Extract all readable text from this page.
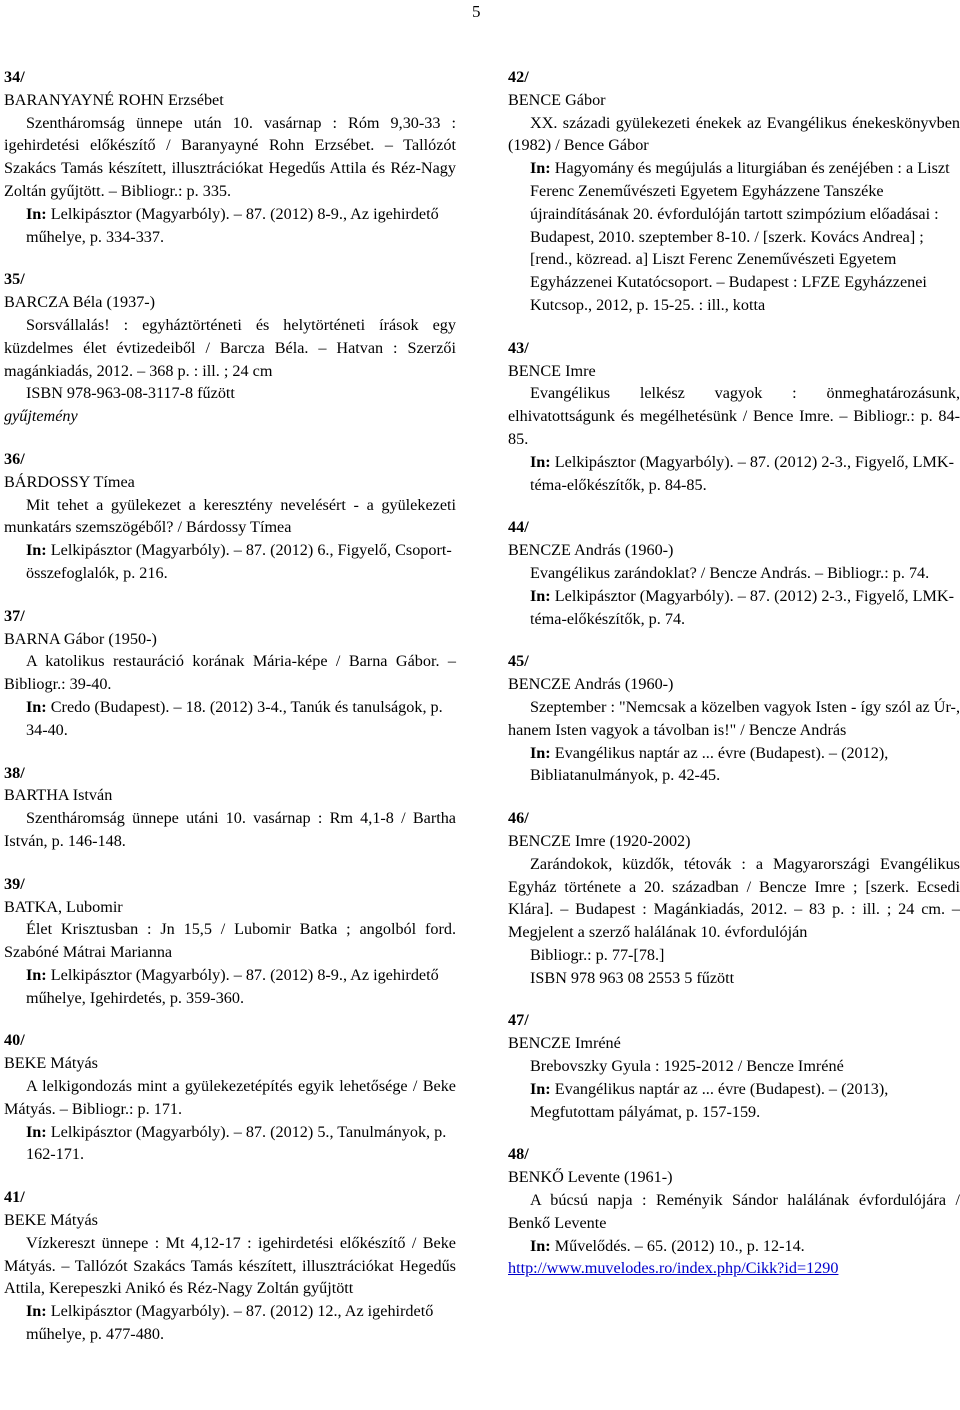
5
34/
BARANYAYNÉ ROHN Erzsébet
Szentháromság ünnepe után 10. vasárnap : Róm 9,30-33 : igehirdetési előkészítő / Baranyayné Rohn Erzsébet. – Tallózót Szakács Tamás készített, illusztrációkat Hegedűs Attila és Réz-Nagy Zoltán gyűjtött. – Bibliogr.: p. 335.
In: Lelkipásztor (Magyarbóly). – 87. (2012) 8-9., Az igehirdető műhelye, p. 334-337.
35/
BARCZA Béla (1937-)
Sorsvállalás! : egyháztörténeti és helytörténeti írások egy küzdelmes élet évtizedeiből / Barcza Béla. – Hatvan : Szerzői magánkiadás, 2012. – 368 p. : ill. ; 24 cm
ISBN 978-963-08-3117-8 fűzött
gyűjtemény
36/
BÁRDOSSY Tímea
Mit tehet a gyülekezet a keresztény nevelésért - a gyülekezeti munkatárs szemszögéből? / Bárdossy Tímea
In: Lelkipásztor (Magyarbóly). – 87. (2012) 6., Figyelő, Csoport-összefoglalók, p. 216.
37/
BARNA Gábor (1950-)
A katolikus restauráció korának Mária-képe / Barna Gábor. – Bibliogr.: 39-40.
In: Credo (Budapest). – 18. (2012) 3-4., Tanúk és tanulságok, p. 34-40.
38/
BARTHA István
Szentháromság ünnepe utáni 10. vasárnap : Rm 4,1-8 / Bartha István, p. 146-148.
39/
BATKA, Lubomir
Élet Krisztusban : Jn 15,5 / Lubomir Batka ; angolból ford. Szabóné Mátrai Marianna
In: Lelkipásztor (Magyarbóly). – 87. (2012) 8-9., Az igehirdető műhelye, Igehirdetés, p. 359-360.
40/
BEKE Mátyás
A lelkigondozás mint a gyülekezetépítés egyik lehetősége / Beke Mátyás. – Bibliogr.: p. 171.
In: Lelkipásztor (Magyarbóly). – 87. (2012) 5., Tanulmányok, p. 162-171.
41/
BEKE Mátyás
Vízkereszt ünnepe : Mt 4,12-17 : igehirdetési előkészítő / Beke Mátyás. – Tallózót Szakács Tamás készített, illusztrációkat Hegedűs Attila, Kerepeszki Anikó és Réz-Nagy Zoltán gyűjtött
In: Lelkipásztor (Magyarbóly). – 87. (2012) 12., Az igehirdető műhelye, p. 477-480.
42/
BENCE Gábor
XX. századi gyülekezeti énekek az Evangélikus énekeskönyvben (1982) / Bence Gábor
In: Hagyomány és megújulás a liturgiában és zenéjében : a Liszt Ferenc Zeneművészeti Egyetem Egyházzene Tanszéke újraindításának 20. évfordulóján tartott szimpózium előadásai : Budapest, 2010. szeptember 8-10. / [szerk. Kovács Andrea] ; [rend., közread. a] Liszt Ferenc Zeneművészeti Egyetem Egyházzenei Kutatócsoport. – Budapest : LFZE Egyházzenei Kutcsop., 2012, p. 15-25. : ill., kotta
43/
BENCE Imre
Evangélikus lelkész vagyok : önmeghatározásunk, elhivatottságunk és megélhetésünk / Bence Imre. – Bibliogr.: p. 84-85.
In: Lelkipásztor (Magyarbóly). – 87. (2012) 2-3., Figyelő, LMK-téma-előkészítők, p. 84-85.
44/
BENCZE András (1960-)
Evangélikus zarándoklat? / Bencze András. – Bibliogr.: p. 74.
In: Lelkipásztor (Magyarbóly). – 87. (2012) 2-3., Figyelő, LMK-téma-előkészítők, p. 74.
45/
BENCZE András (1960-)
Szeptember : "Nemcsak a közelben vagyok Isten - így szól az Úr-, hanem Isten vagyok a távolban is!" / Bencze András
In: Evangélikus naptár az ... évre (Budapest). – (2012), Bibliatanulmányok, p. 42-45.
46/
BENCZE Imre (1920-2002)
Zarándokok, küzdők, tétovák : a Magyarországi Evangélikus Egyház története a 20. században / Bencze Imre ; [szerk. Ecsedi Klára]. – Budapest : Magánkiadás, 2012. – 83 p. : ill. ; 24 cm. – Megjelent a szerző halálának 10. évfordulóján
Bibliogr.: p. 77-[78.]
ISBN 978 963 08 2553 5 fűzött
47/
BENCZE Imréné
Brebovszky Gyula : 1925-2012 / Bencze Imréné
In: Evangélikus naptár az ... évre (Budapest). – (2013), Megfutottam pályámat, p. 157-159.
48/
BENKŐ Levente (1961-)
A búcsú napja : Reményik Sándor halálának évfordulójára / Benkő Levente
In: Művelődés. – 65. (2012) 10., p. 12-14.
http://www.muvelodes.ro/index.php/Cikk?id=1290
